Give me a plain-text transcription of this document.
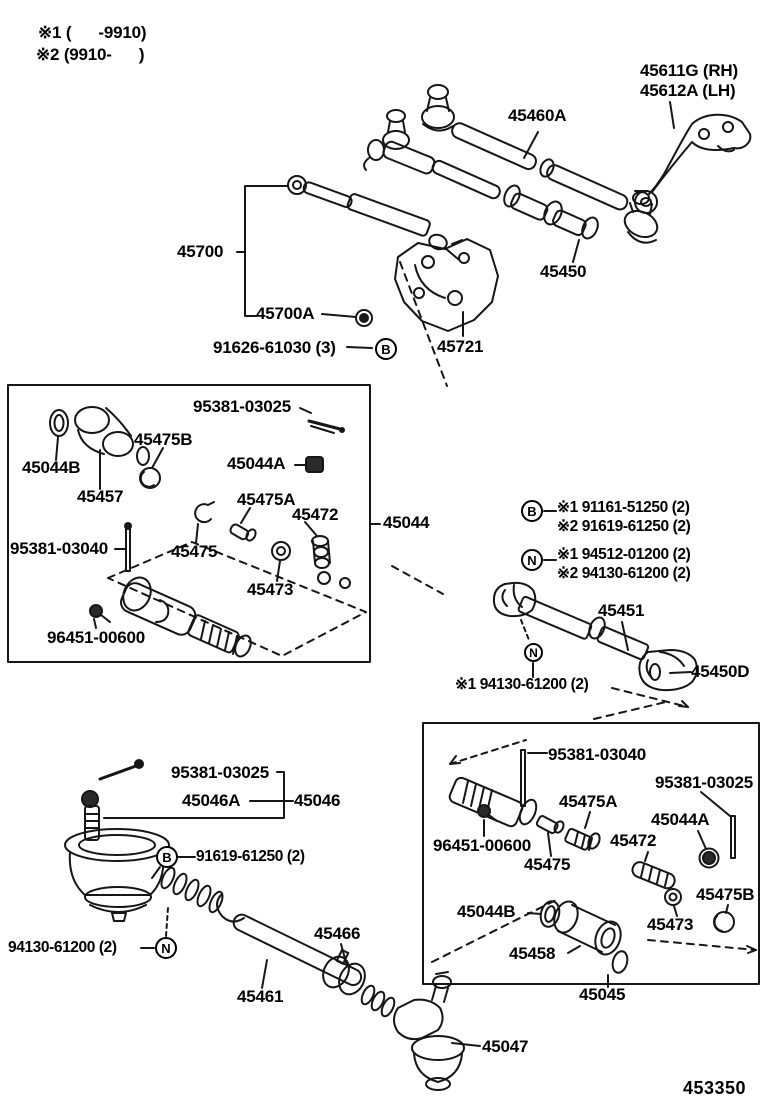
※1 (      -9910)
※2 (9910-      )
45611G (RH)
45612A (LH)
45460A
45700
45450
45700A
91626-61030 (3)	45721
95381-03025
45475B
45044A
45044B
45457	45475A
45472
95381-03040	45475
45473
96451-00600
45044
B
B
N
N
B
N
※1 91161-51250 (2)
※2 91619-61250 (2)
※1 94512-01200 (2)
※2 94130-61200 (2)
45451
45450D
※1 94130-61200 (2)
95381-03025
45046A	45046
91619-61250 (2)
94130-61200 (2)
45466
45461
45047
95381-03040
95381-03025
45475A
45044A
96451-00600	45472
45475
45475B
45044B
45473
45458
45045
453350
